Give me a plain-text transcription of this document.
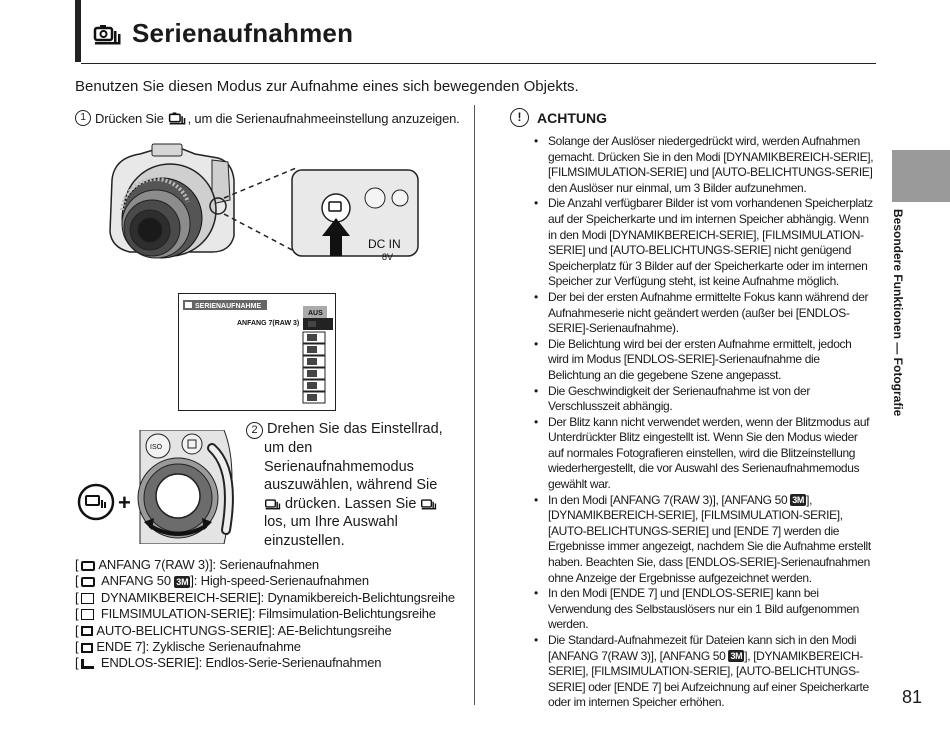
Serienaufnahmen
Benutzen Sie diesen Modus zur Aufnahme eines sich bewegenden Objekts.
1 Drücken Sie , um die Serienaufnahmeeinstellung anzuzeigen.
DC IN
8V
SERIENAUFNAHME
AUS
ANFANG 7(RAW 3)
+
ISO
2 Drehen Sie das Einstellrad,
um den
Serienaufnahmemodus
auszuwählen, während Sie
drücken. Lassen Sie
los, um Ihre Auswahl
einzustellen.
[ ANFANG 7(RAW 3)]: Serienaufnahmen
[ ANFANG 50 3M ]: High-speed-Serienaufnahmen
[ DYNAMIKBEREICH-SERIE]: Dynamikbereich-Belichtungsreihe
[ FILMSIMULATION-SERIE]: Filmsimulation-Belichtungsreihe
[ AUTO-BELICHTUNGS-SERIE]: AE-Belichtungsreihe
[ ENDE 7]: Zyklische Serienaufnahme
[ ENDLOS-SERIE]: Endlos-Serie-Serienaufnahmen
!	ACHTUNG
• Solange der Auslöser niedergedrückt wird, werden Aufnahmen gemacht. Drücken Sie in den Modi [DYNAMIKBEREICH-SERIE], [FILMSIMULATION-SERIE] und [AUTO-BELICHTUNGS-SERIE] den Auslöser nur einmal, um 3 Bilder aufzunehmen.
• Die Anzahl verfügbarer Bilder ist vom vorhandenen Speicherplatz auf der Speicherkarte und im internen Speicher abhängig. Wenn in den Modi [DYNAMIKBEREICH-SERIE], [FILMSIMULATION-SERIE] und [AUTO-BELICHTUNGS-SERIE] nicht genügend Speicherplatz für 3 Bilder auf der Speicherkarte oder im internen Speicher zur Verfügung steht, ist keine Aufnahme möglich.
• Der bei der ersten Aufnahme ermittelte Fokus kann während der Aufnahmeserie nicht geändert werden (außer bei [ENDLOS-SERIE]-Serienaufnahme).
• Die Belichtung wird bei der ersten Aufnahme ermittelt, jedoch wird im Modus [ENDLOS-SERIE]-Serienaufnahme die Belichtung an die gegebene Szene angepasst.
• Die Geschwindigkeit der Serienaufnahme ist von der Verschlusszeit abhängig.
• Der Blitz kann nicht verwendet werden, wenn der Blitzmodus auf Unterdrückter Blitz eingestellt ist. Wenn Sie den Modus wieder auf normales Fotografieren einstellen, wird die Blitzeinstellung wiederhergestellt, die vor Auswahl des Serienaufnahmemodus gewählt war.
• In den Modi [ANFANG 7(RAW 3)], [ANFANG 50 3M ], [DYNAMIKBEREICH-SERIE], [FILMSIMULATION-SERIE], [AUTO-BELICHTUNGS-SERIE] und [ENDE 7] werden die Ergebnisse immer angezeigt, nachdem Sie die Aufnahme erstellt haben. Beachten Sie, dass [ENDLOS-SERIE]-Serienaufnahmen ohne Anzeige der Ergebnisse aufgezeichnet werden.
• In den Modi [ENDE 7] und [ENDLOS-SERIE] kann bei Verwendung des Selbstauslösers nur ein 1 Bild aufgenommen werden.
• Die Standard-Aufnahmezeit für Dateien kann sich in den Modi [ANFANG 7(RAW 3)], [ANFANG 50 3M ], [DYNAMIKBEREICH-SERIE], [FILMSIMULATION-SERIE], [AUTO-BELICHTUNGS-SERIE] oder [ENDE 7] bei Aufzeichnung auf einer Speicherkarte oder im internen Speicher erhöhen.
Besondere Funktionen — Fotografie
81
